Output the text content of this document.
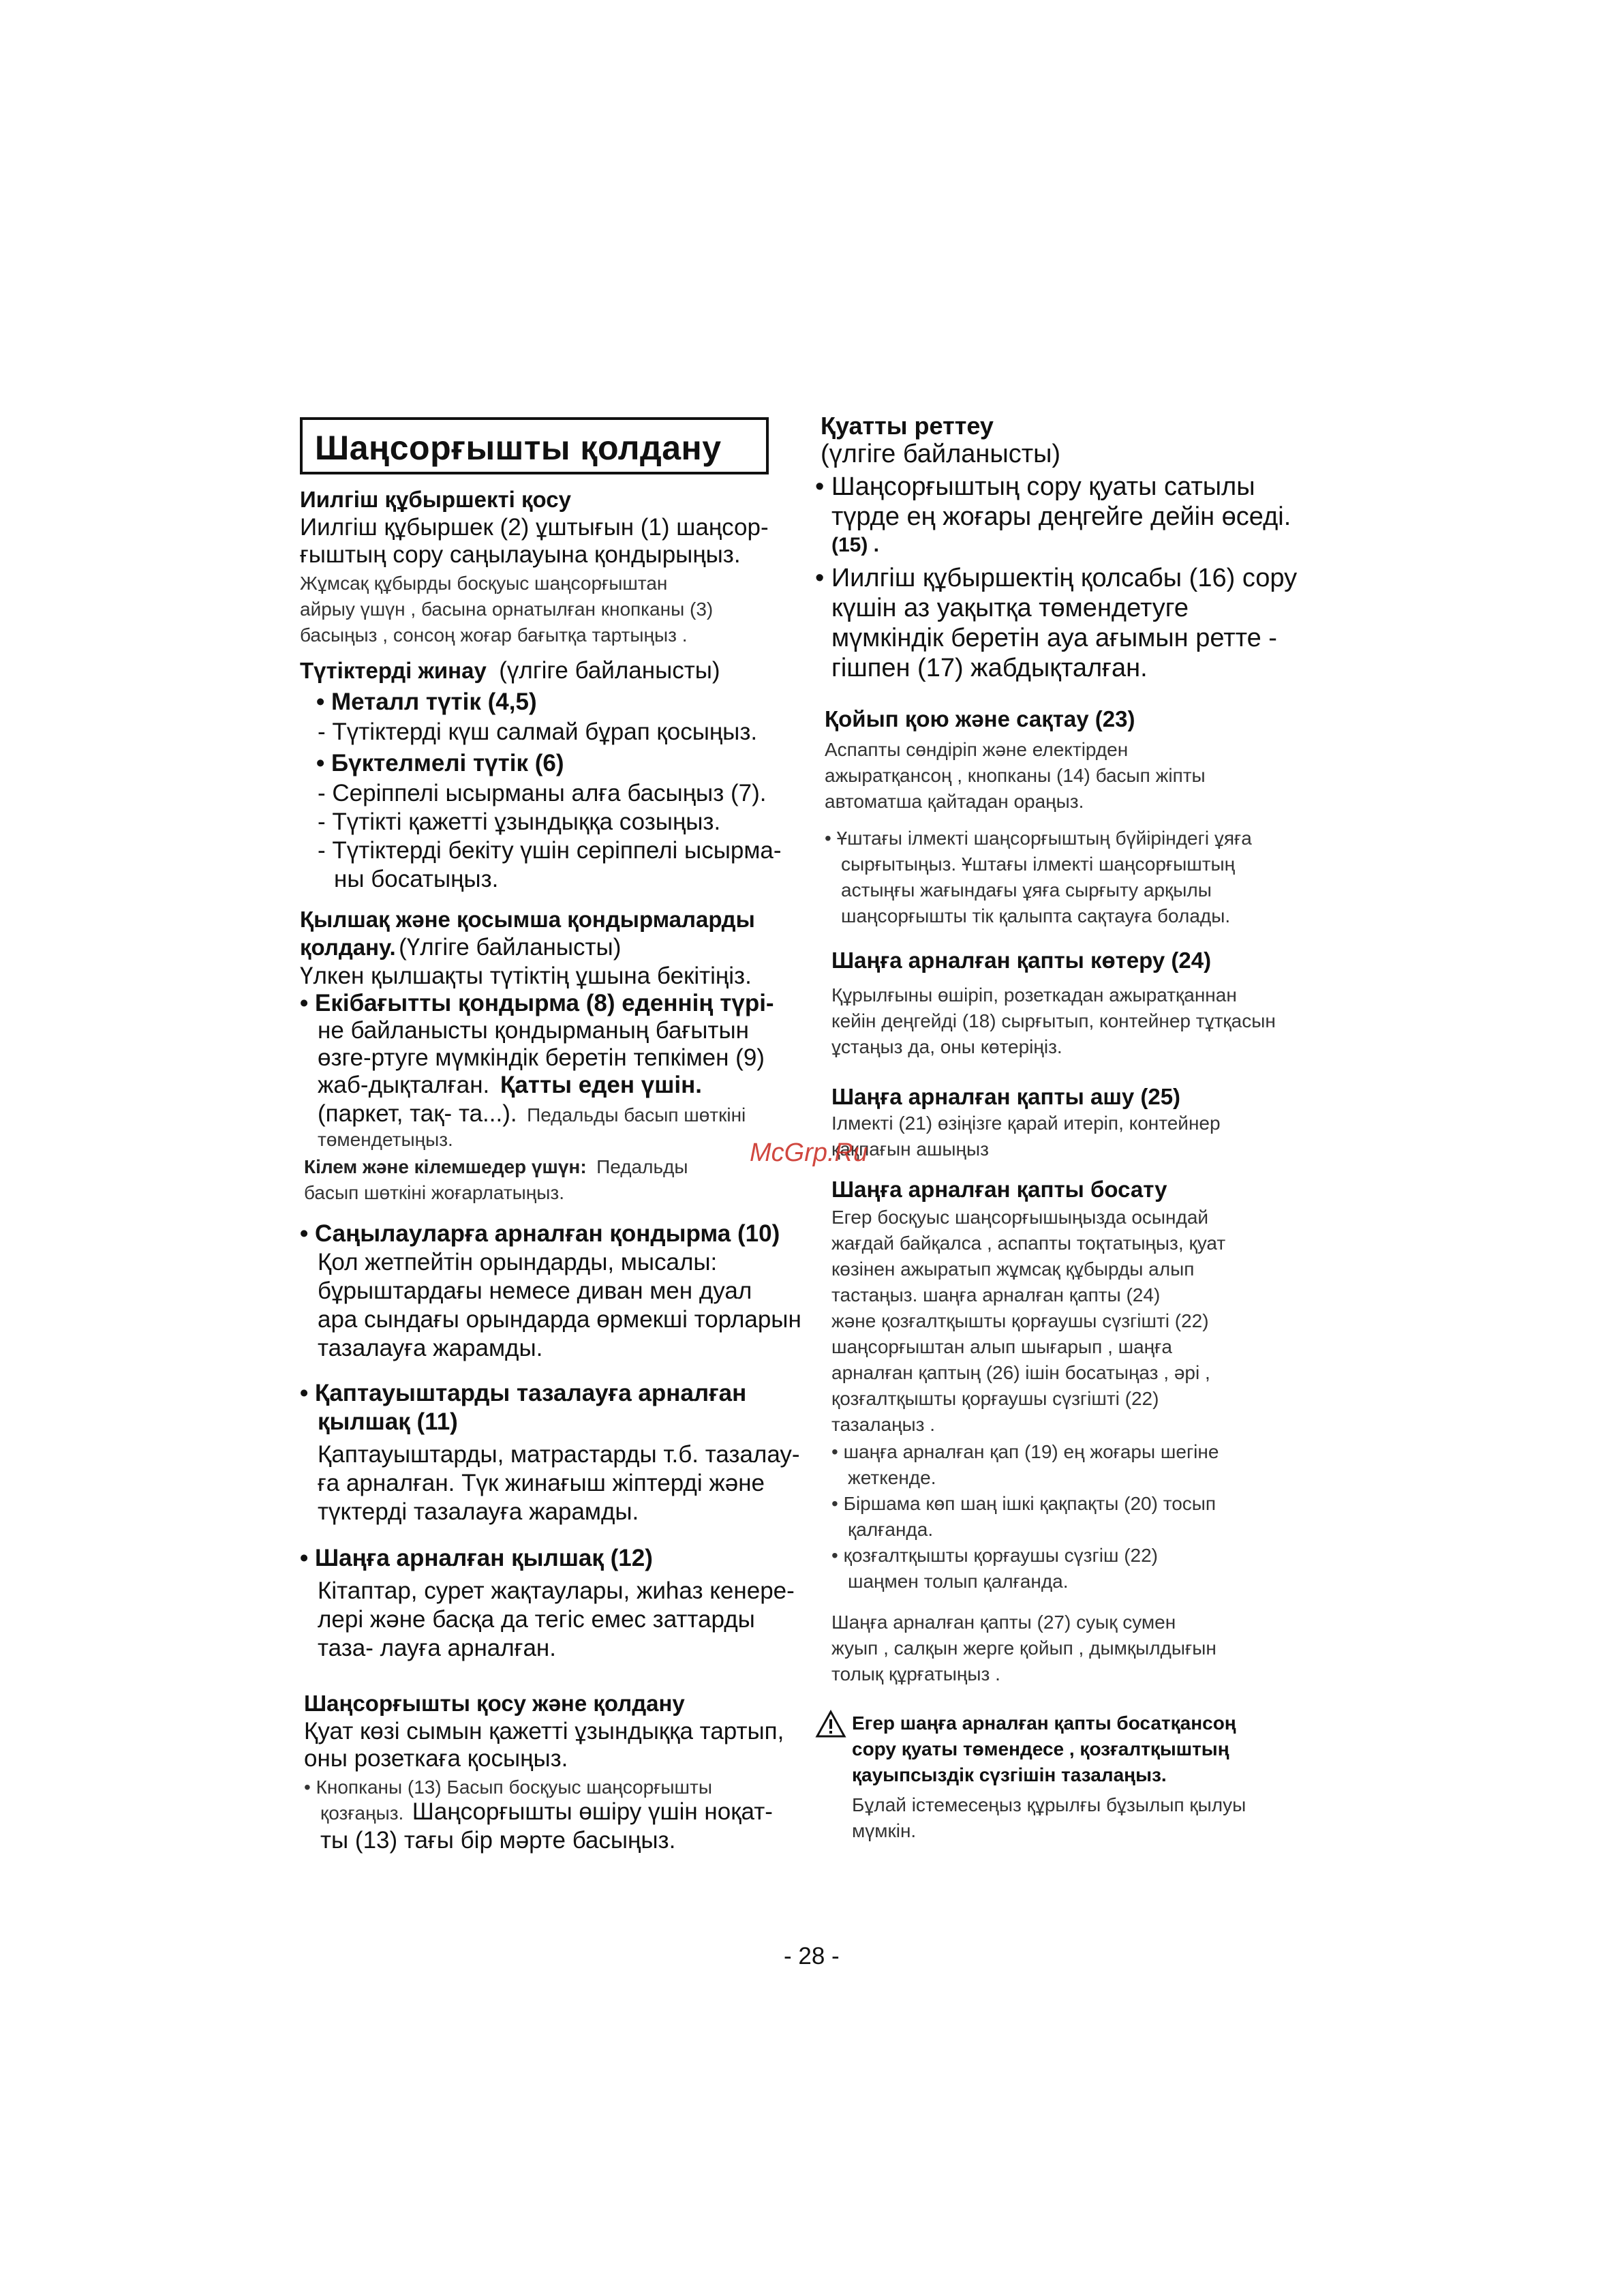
Шаңсорғышты қолдану
Иилгіш құбыршекті қосу
Иилгіш құбыршек (2) ұштығын (1) шаңсор-
ғыштың сору саңылауына қондырыңыз.
Жұмсақ құбырды босқуыс шаңсорғыштан
айрыу үшүн , басына орнатылған кнопканы (3)
басыңыз , сонсоң жоғар бағытқа тартыңыз .
Түтіктерді жинау (үлгіге байланысты)
• Металл түтік (4,5)
- Түтіктерді күш салмай бұрап қосыңыз.
• Бүктелмелі түтік (6)
- Серіппелі ысырманы алға басыңыз (7).
- Түтікті қажетті ұзындыққа созыңыз.
- Түтіктерді бекіту үшін серіппелі ысырма-
ны босатыңыз.
Қылшақ және қосымша қондырмаларды
қолдану. (Үлгіге байланысты)
Үлкен қылшақты түтіктің ұшына бекітіңіз.
• Екібағытты қондырма (8) еденнің түрі-
не байланысты қондырманың бағытын
өзге-ртуге мүмкіндік беретін тепкімен (9)
жаб-дықталған. Қатты еден үшін.
(паркет, тақ- та...). Педальды басып шөткіні
төмендетыңыз.
Кілем және кілемшедер үшүн: Педальды
басып шөткіні жоғарлатыңыз.
• Саңылауларға арналған қондырма (10)
Қол жетпейтін орындарды, мысалы:
бұрыштардағы немесе диван мен дуал
ара сындағы орындарда өрмекші торларын
тазалауға жарамды.
• Қаптауыштарды тазалауға арналған
қылшақ (11)
Қаптауыштарды, матрастарды т.б. тазалау-
ға арналған. Түк жинағыш жіптерді және
түктерді тазалауға жарамды.
• Шаңға арналған қылшақ (12)
Кітаптар, сурет жақтаулары, жиһаз кенере-
лері және басқа да тегіс емес заттарды
таза- лауға арналған.
Шаңсорғышты қосу және қолдану
Қуат көзі сымын қажетті ұзындыққа тартып,
оны розеткаға қосыңыз.
• Кнопканы (13) Басып босқуыс шаңсорғышты
қозғаңыз. Шаңсорғышты өшіру үшін ноқат-
ты (13) тағы бір мәрте басыңыз.
Қуатты реттеу
(үлгіге байланысты)
• Шаңсорғыштың сору қуаты сатылы
түрде ең жоғары деңгейге дейін өседі.
(15) .
• Иилгіш құбыршектің қолсабы (16) сору
күшін аз уақытқа төмендетуге
мүмкіндік беретін ауа ағымын ретте -
гішпен (17) жабдықталған.
Қойып қою және сақтау (23)
Аспапты сөндіріп және електірден
ажыратқансоң , кнопканы (14) басып жіпты
автоматша қайтадан ораңыз.
• Ұштағы ілмекті шаңсорғыштың бүйіріндегі ұяға
сырғытыңыз. Ұштағы ілмекті шаңсорғыштың
астыңғы жағындағы ұяға сырғыту арқылы
шаңсорғышты тік қалыпта сақтауға болады.
Шаңға арналған қапты көтеру (24)
Құрылғыны өшіріп, розеткадан ажыратқаннан
кейін деңгейді (18) сырғытып, контейнер тұтқасын
ұстаңыз да, оны көтеріңіз.
Шаңға арналған қапты ашу (25)
Ілмекті (21) өзіңізге қарай итеріп, контейнер
қақпағын ашыңыз
Шаңға арналған қапты босату
Егер босқуыс шаңсорғышыңызда осындай
жағдай байқалса , аспапты тоқтатыңыз, қуат
көзінен ажыратып жұмсақ құбырды алып
тастаңыз. шаңға арналған қапты (24)
және қозғалтқышты қорғаушы сүзгішті (22)
шаңсорғыштан алып шығарып , шаңға
арналған қаптың (26) ішін босатыңаз , әрі ,
қозғалтқышты қорғаушы сүзгішті (22)
тазалаңыз .
• шаңға арналған қап (19) ең жоғары шегіне
жеткенде.
• Біршама көп шаң ішкі қақпақты (20) тосып
қалғанда.
• қозғалтқышты қорғаушы сүзгіш (22)
шаңмен толып қалғанда.
Шаңға арналған қапты (27) суық сумен
жуып , салқын жерге қойып , дымқылдығын
толық құрғатыңыз .
Егер шаңға арналған қапты босатқансоң
сору қуаты төмендесе , қозғалтқыштың
қауыпсыздік сүзгішін тазалаңыз.
Бұлай істемесеңыз құрылғы бұзылып қылуы
мүмкін.
McGrp.Ru
- 28 -
